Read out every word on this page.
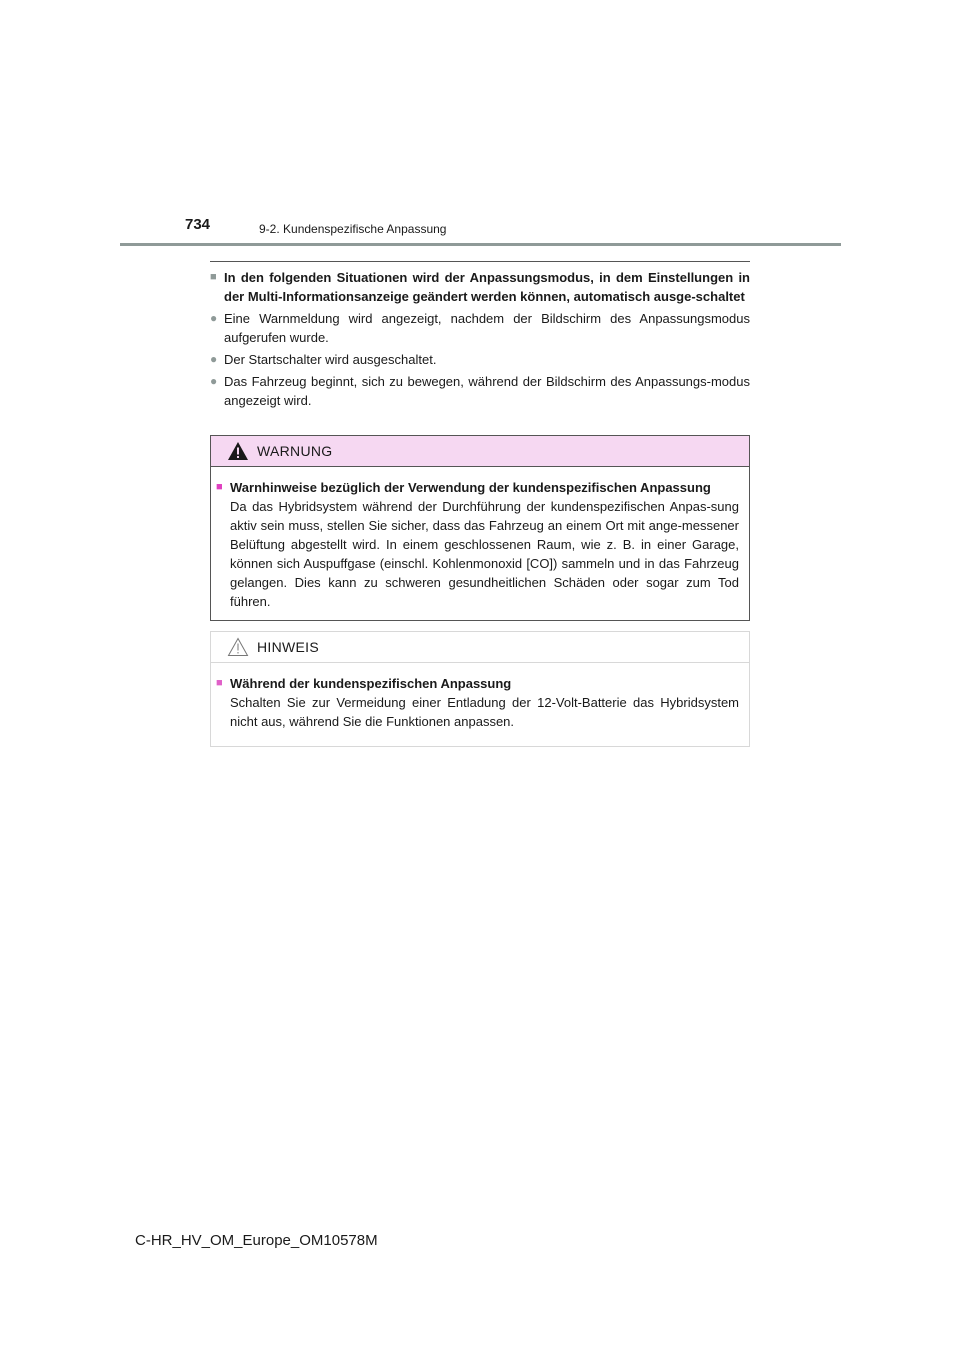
734	9-2. Kundenspezifische Anpassung
■ In den folgenden Situationen wird der Anpassungsmodus, in dem Einstellungen in der Multi-Informationsanzeige geändert werden können, automatisch ausge-schaltet
● Eine Warnmeldung wird angezeigt, nachdem der Bildschirm des Anpassungsmodus aufgerufen wurde.
● Der Startschalter wird ausgeschaltet.
● Das Fahrzeug beginnt, sich zu bewegen, während der Bildschirm des Anpassungs-modus angezeigt wird.
WARNUNG
■ Warnhinweise bezüglich der Verwendung der kundenspezifischen Anpassung
Da das Hybridsystem während der Durchführung der kundenspezifischen Anpas-sung aktiv sein muss, stellen Sie sicher, dass das Fahrzeug an einem Ort mit ange-messener Belüftung abgestellt wird. In einem geschlossenen Raum, wie z. B. in einer Garage, können sich Auspuffgase (einschl. Kohlenmonoxid [CO]) sammeln und in das Fahrzeug gelangen. Dies kann zu schweren gesundheitlichen Schäden oder sogar zum Tod führen.
HINWEIS
■ Während der kundenspezifischen Anpassung
Schalten Sie zur Vermeidung einer Entladung der 12-Volt-Batterie das Hybridsystem nicht aus, während Sie die Funktionen anpassen.
C-HR_HV_OM_Europe_OM10578M
